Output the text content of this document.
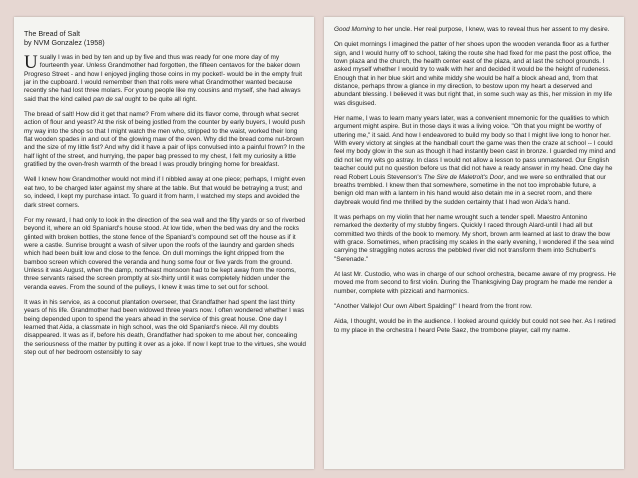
The Bread of Salt

by NVM Gonzalez (1958)

Usually I was in bed by ten and up by five and thus was ready for one more day of my fourteenth year. Unless Grandmother had forgotten, the fifteen centavos for the baker down Progreso Street - and how I enjoyed jingling those coins in my pocket!- would be in the empty fruit jar in the cupboard. I would remember then that rolls were what Grandmother wanted because recently she had lost three molars. For young people like my cousins and myself, she had always said that the kind called pan de sal ought to be quite all right.

The bread of salt! How did it get that name? From where did its flavor come, through what secret action of flour and yeast? At the risk of being jostled from the counter by early buyers, I would push my way into the shop so that I might watch the men who, stripped to the waist, worked their long flat wooden spades in and out of the glowing maw of the oven. Why did the bread come nut-brown and the size of my little fist? And why did it have a pair of lips convulsed into a painful frown? In the half light of the street, and hurrying, the paper bag pressed to my chest, I felt my curiosity a little gratified by the oven-fresh warmth of the bread I was proudly bringing home for breakfast.

Well I knew how Grandmother would not mind if I nibbled away at one piece; perhaps, I might even eat two, to be charged later against my share at the table. But that would be betraying a trust; and so, indeed, I kept my purchase intact. To guard it from harm, I watched my steps and avoided the dark street corners.

For my reward, I had only to look in the direction of the sea wall and the fifty yards or so of riverbed beyond it, where an old Spaniard's house stood. At low tide, when the bed was dry and the rocks glinted with broken bottles, the stone fence of the Spaniard's compound set off the house as if it were a castle. Sunrise brought a wash of silver upon the roofs of the laundry and garden sheds which had been built low and close to the fence. On dull mornings the light dripped from the bamboo screen which covered the veranda and hung some four or five yards from the ground. Unless it was August, when the damp, northeast monsoon had to be kept away from the rooms, three servants raised the screen promptly at six-thirty until it was completely hidden under the veranda eaves. From the sound of the pulleys, I knew it was time to set out for school.

It was in his service, as a coconut plantation overseer, that Grandfather had spent the last thirty years of his life. Grandmother had been widowed three years now. I often wondered whether I was being depended upon to spend the years ahead in the service of this great house. One day I learned that Aida, a classmate in high school, was the old Spaniard's niece. All my doubts disappeared. It was as if, before his death, Grandfather had spoken to me about her, concealing the seriousness of the matter by putting it over as a joke. If now I kept true to the virtues, she would step out of her bedroom ostensibly to say

Good Morning to her uncle. Her real purpose, I knew, was to reveal thus her assent to my desire.

On quiet mornings I imagined the patter of her shoes upon the wooden veranda floor as a further sign, and I would hurry off to school, taking the route she had fixed for me past the post office, the town plaza and the church, the health center east of the plaza, and at last the school grounds. I asked myself whether I would try to walk with her and decided it would be the height of rudeness. Enough that in her blue skirt and white middy she would be half a block ahead and, from that distance, perhaps throw a glance in my direction, to bestow upon my heart a deserved and abundant blessing. I believed it was but right that, in some such way as this, her mission in my life was disguised.

Her name, I was to learn many years later, was a convenient mnemonic for the qualities to which argument might aspire. But in those days it was a living voice. "Oh that you might be worthy of uttering me," it said. And how I endeavored to build my body so that I might live long to honor her. With every victory at singles at the handball court the game was then the craze at school -- I could feel my body glow in the sun as though it had instantly been cast in bronze. I guarded my mind and did not let my wits go astray. In class I would not allow a lesson to pass unmastered. Our English teacher could put no question before us that did not have a ready answer in my head. One day he read Robert Louis Stevenson's The Sire de Maletroit's Door, and we were so enthralled that our breaths trembled. I knew then that somewhere, sometime in the not too improbable future, a benign old man with a lantern in his hand would also detain me in a secret room, and there daybreak would find me thrilled by the sudden certainty that I had won Aida's hand.

It was perhaps on my violin that her name wrought such a tender spell. Maestro Antonino remarked the dexterity of my stubby fingers. Quickly I raced through Alard-until I had all but committed two thirds of the book to memory. My short, brown arm learned at last to draw the bow with grace. Sometimes, when practising my scales in the early evening, I wondered if the sea wind carrying the straggling notes across the pebbled river did not transform them into Schubert's "Serenade."

At last Mr. Custodio, who was in charge of our school orchestra, became aware of my progress. He moved me from second to first violin. During the Thanksgiving Day program he made me render a number, complete with pizzicati and harmonics.

"Another Vallejo! Our own Albert Spalding!" I heard from the front row.

Aida, I thought, would be in the audience. I looked around quickly but could not see her. As I retired to my place in the orchestra I heard Pete Saez, the trombone player, call my name.
